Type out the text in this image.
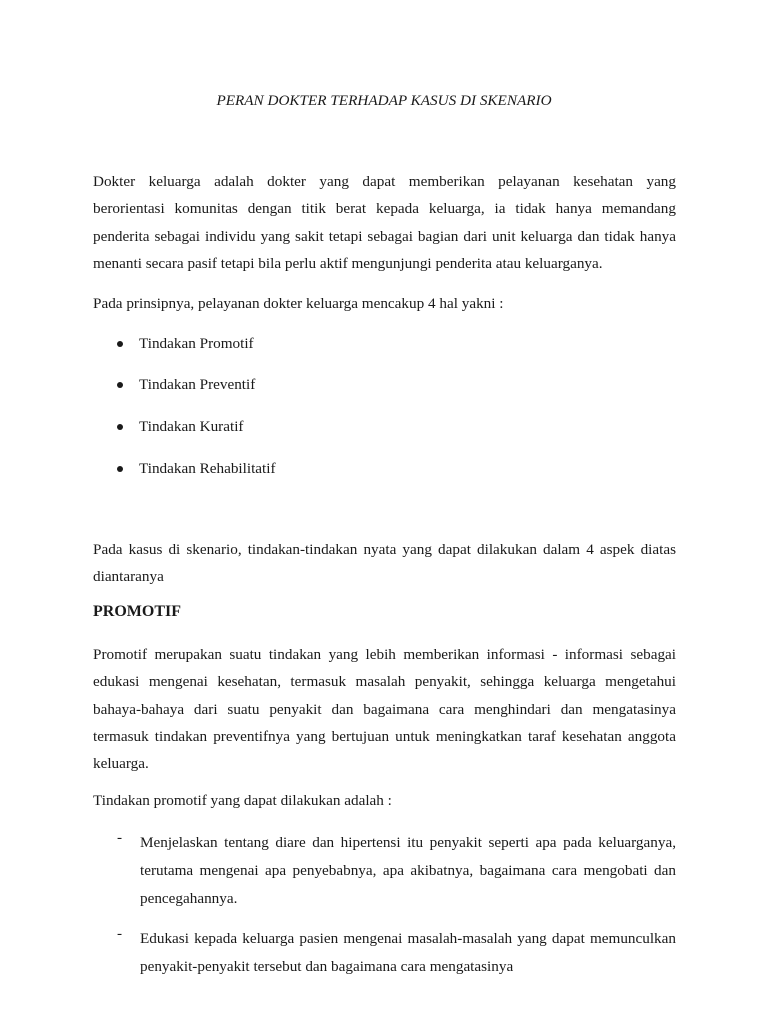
PERAN DOKTER TERHADAP KASUS DI SKENARIO
Dokter keluarga adalah dokter yang dapat memberikan pelayanan kesehatan yang
berorientasi komunitas dengan titik berat kepada keluarga, ia tidak hanya memandang
penderita sebagai individu yang sakit tetapi sebagai bagian dari unit keluarga dan tidak hanya
menanti secara pasif tetapi bila perlu aktif mengunjungi penderita atau keluarganya.
Pada prinsipnya, pelayanan dokter keluarga mencakup 4 hal yakni :
Tindakan Promotif
Tindakan Preventif
Tindakan Kuratif
Tindakan Rehabilitatif
Pada kasus di skenario, tindakan-tindakan nyata yang dapat dilakukan dalam 4 aspek diatas
diantaranya
PROMOTIF
Promotif merupakan suatu tindakan yang lebih memberikan informasi - informasi sebagai
edukasi mengenai kesehatan, termasuk masalah penyakit, sehingga keluarga mengetahui
bahaya-bahaya dari suatu penyakit dan bagaimana cara menghindari dan mengatasinya
termasuk tindakan preventifnya yang bertujuan untuk meningkatkan taraf kesehatan anggota
keluarga.
Tindakan promotif yang dapat dilakukan adalah :
- Menjelaskan tentang diare dan hipertensi itu penyakit seperti apa pada keluarganya,
terutama mengenai apa penyebabnya, apa akibatnya, bagaimana cara mengobati dan
pencegahannya.
- Edukasi kepada keluarga pasien mengenai masalah-masalah yang dapat memunculkan
penyakit-penyakit tersebut dan bagaimana cara mengatasinya
